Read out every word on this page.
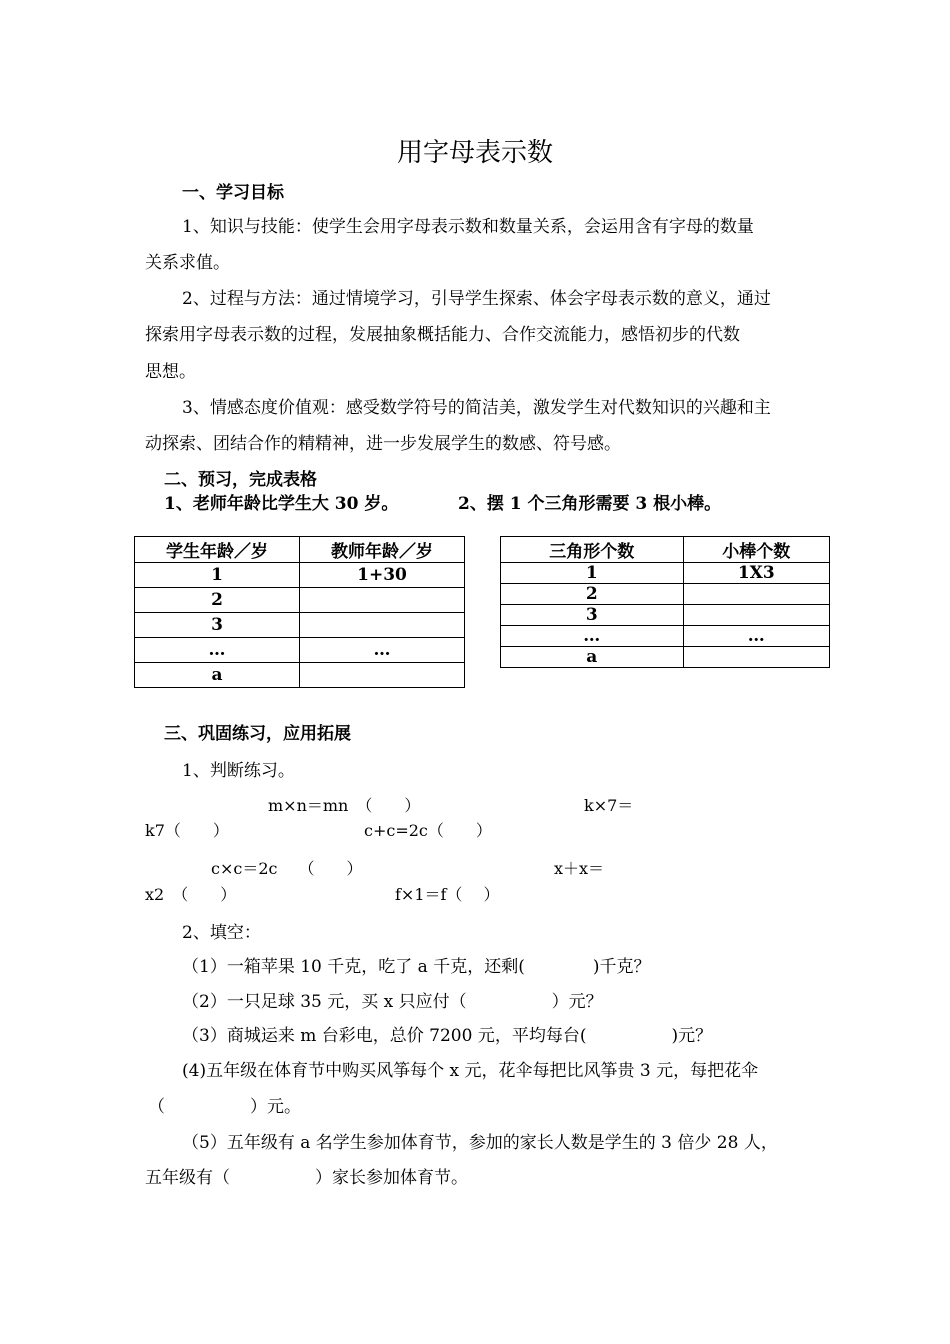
用字母表示数
一、学习目标
1、知识与技能：使学生会用字母表示数和数量关系，会运用含有字母的数量
关系求值。
2、过程与方法：通过情境学习，引导学生探索、体会字母表示数的意义，通过
探索用字母表示数的过程，发展抽象概括能力、合作交流能力，感悟初步的代数
思想。
3、情感态度价值观：感受数学符号的简洁美，激发学生对代数知识的兴趣和主
动探索、团结合作的精精神，进一步发展学生的数感、符号感。
二、预习，完成表格
1、老师年龄比学生大 30 岁。	2、摆 1 个三角形需要 3 根小棒。
学生年龄／岁	教师年龄／岁
1	1+30
2	
3	
…	…
a	
三角形个数	小棒个数
1	1X3
2	
3	
…	…
a	
三、巩固练习，应用拓展
1、判断练习。
m×n＝mn　（　　）	k×7＝
k7（　　）	c+c=2c（　　）
c×c＝2c　 （　　）	x＋x＝
x2　（　　）	f×1＝f（　 ）
2、填空：
（1）一箱苹果 10 千克，吃了 a 千克，还剩(　　　　)千克？
（2）一只足球 35 元，买 x 只应付（　　　　　）元？
（3）商城运来 m 台彩电，总价 7200 元，平均每台(　　　　　)元？
(4)五年级在体育节中购买风筝每个 x 元，花伞每把比风筝贵 3 元，每把花伞
（　　　　　）元。
（5）五年级有 a 名学生参加体育节，参加的家长人数是学生的 3 倍少 28 人，
五年级有（　　　　　）家长参加体育节。
